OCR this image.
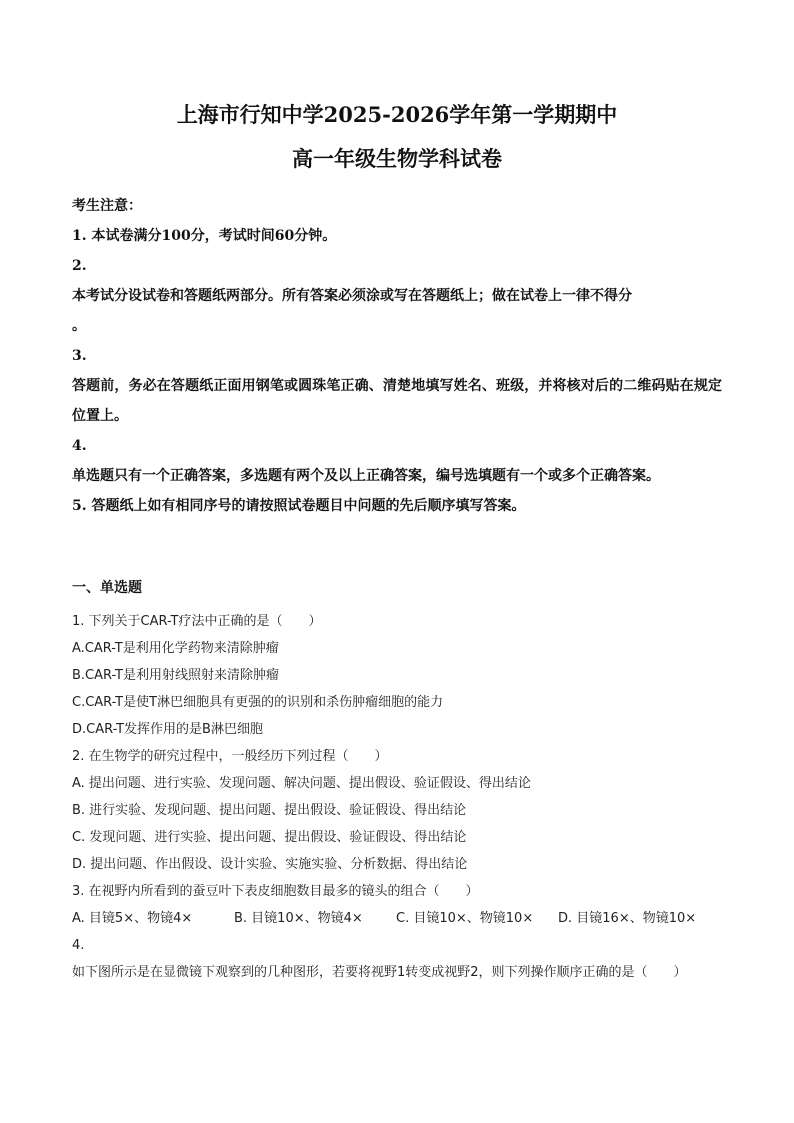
上海市行知中学2025-2026学年第一学期期中
高一年级生物学科试卷
考生注意：
1. 本试卷满分100分，考试时间60分钟。
2.
本考试分设试卷和答题纸两部分。所有答案必须涂或写在答题纸上；做在试卷上一律不得分
。
3.
答题前，务必在答题纸正面用钢笔或圆珠笔正确、清楚地填写姓名、班级，并将核对后的二维码贴在规定位置上。
4.
单选题只有一个正确答案，多选题有两个及以上正确答案，编号选填题有一个或多个正确答案。
5. 答题纸上如有相同序号的请按照试卷题目中问题的先后顺序填写答案。
一、单选题
1. 下列关于CAR-T疗法中正确的是（　　）
A.CAR-T是利用化学药物来清除肿瘤
B.CAR-T是利用射线照射来清除肿瘤
C.CAR-T是使T淋巴细胞具有更强的的识别和杀伤肿瘤细胞的能力
D.CAR-T发挥作用的是B淋巴细胞
2. 在生物学的研究过程中，一般经历下列过程（　　）
A. 提出问题、进行实验、发现问题、解决问题、提出假设、验证假设、得出结论
B. 进行实验、发现问题、提出问题、提出假设、验证假设、得出结论
C. 发现问题、进行实验、提出问题、提出假设、验证假设、得出结论
D. 提出问题、作出假设、设计实验、实施实验、分析数据、得出结论
3. 在视野内所看到的蚕豆叶下表皮细胞数目最多的镜头的组合（　　）
A. 目镜5×、物镜4×	B. 目镜10×、物镜4×	C. 目镜10×、物镜10×	D. 目镜16×、物镜10×
4.
如下图所示是在显微镜下观察到的几种图形，若要将视野1转变成视野2，则下列操作顺序正确的是（　　）
